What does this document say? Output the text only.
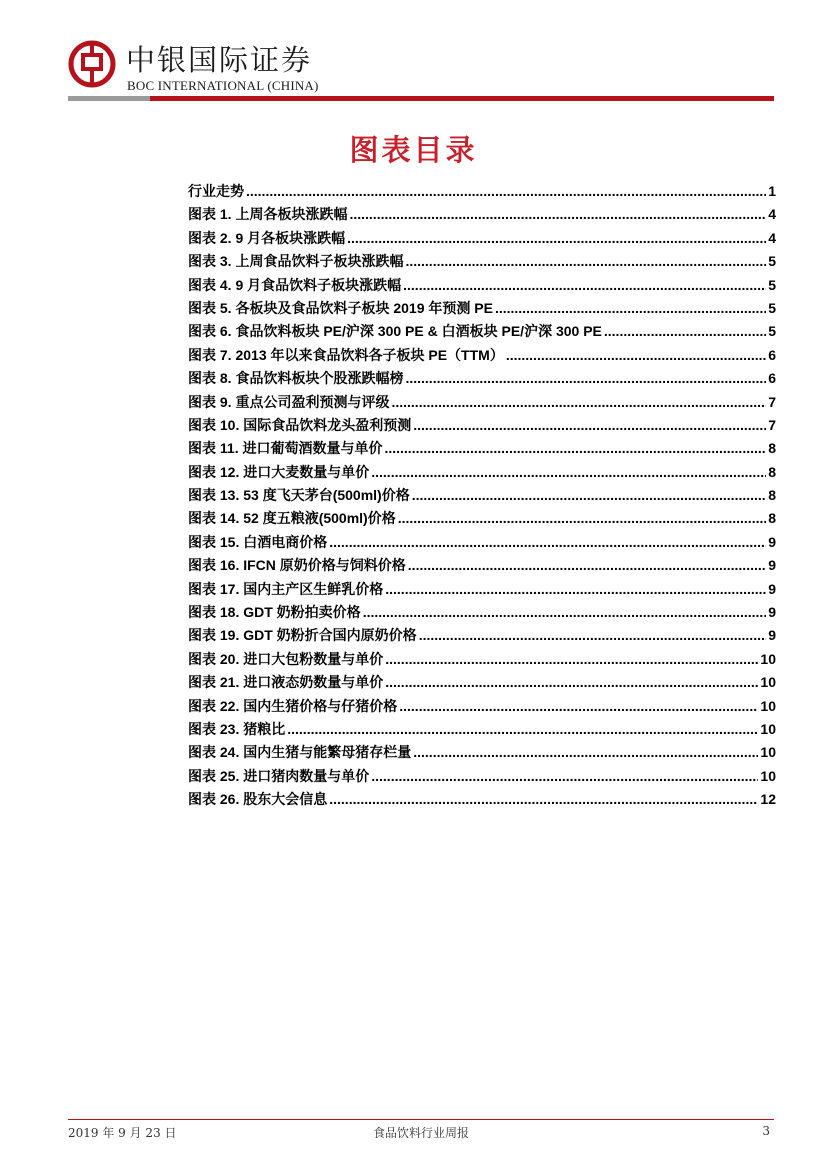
中银国际证券
BOC INTERNATIONAL (CHINA)
图表目录
行业走势 .....	1
图表 1. 上周各板块涨跌幅 .....	4
图表 2. 9 月各板块涨跌幅 .....	4
图表 3. 上周食品饮料子板块涨跌幅 .....	5
图表 4. 9 月食品饮料子板块涨跌幅 .....	5
图表 5. 各板块及食品饮料子板块 2019 年预测 PE .....	5
图表 6. 食品饮料板块 PE/沪深 300 PE & 白酒板块 PE/沪深 300 PE .....	5
图表 7. 2013 年以来食品饮料各子板块 PE（TTM） .....	6
图表 8. 食品饮料板块个股涨跌幅榜 .....	6
图表 9. 重点公司盈利预测与评级 .....	7
图表 10. 国际食品饮料龙头盈利预测 .....	7
图表 11. 进口葡萄酒数量与单价 .....	8
图表 12. 进口大麦数量与单价 .....	8
图表 13. 53 度飞天茅台(500ml)价格 .....	8
图表 14. 52 度五粮液(500ml)价格 .....	8
图表 15. 白酒电商价格 .....	9
图表 16. IFCN 原奶价格与饲料价格 .....	9
图表 17. 国内主产区生鲜乳价格 .....	9
图表 18. GDT 奶粉拍卖价格 .....	9
图表 19. GDT 奶粉折合国内原奶价格 .....	9
图表 20. 进口大包粉数量与单价 .....	10
图表 21. 进口液态奶数量与单价 .....	10
图表 22. 国内生猪价格与仔猪价格 .....	10
图表 23. 猪粮比 .....	10
图表 24. 国内生猪与能繁母猪存栏量 .....	10
图表 25. 进口猪肉数量与单价 .....	10
图表 26. 股东大会信息 .....	12
2019 年 9 月 23 日	食品饮料行业周报	3
